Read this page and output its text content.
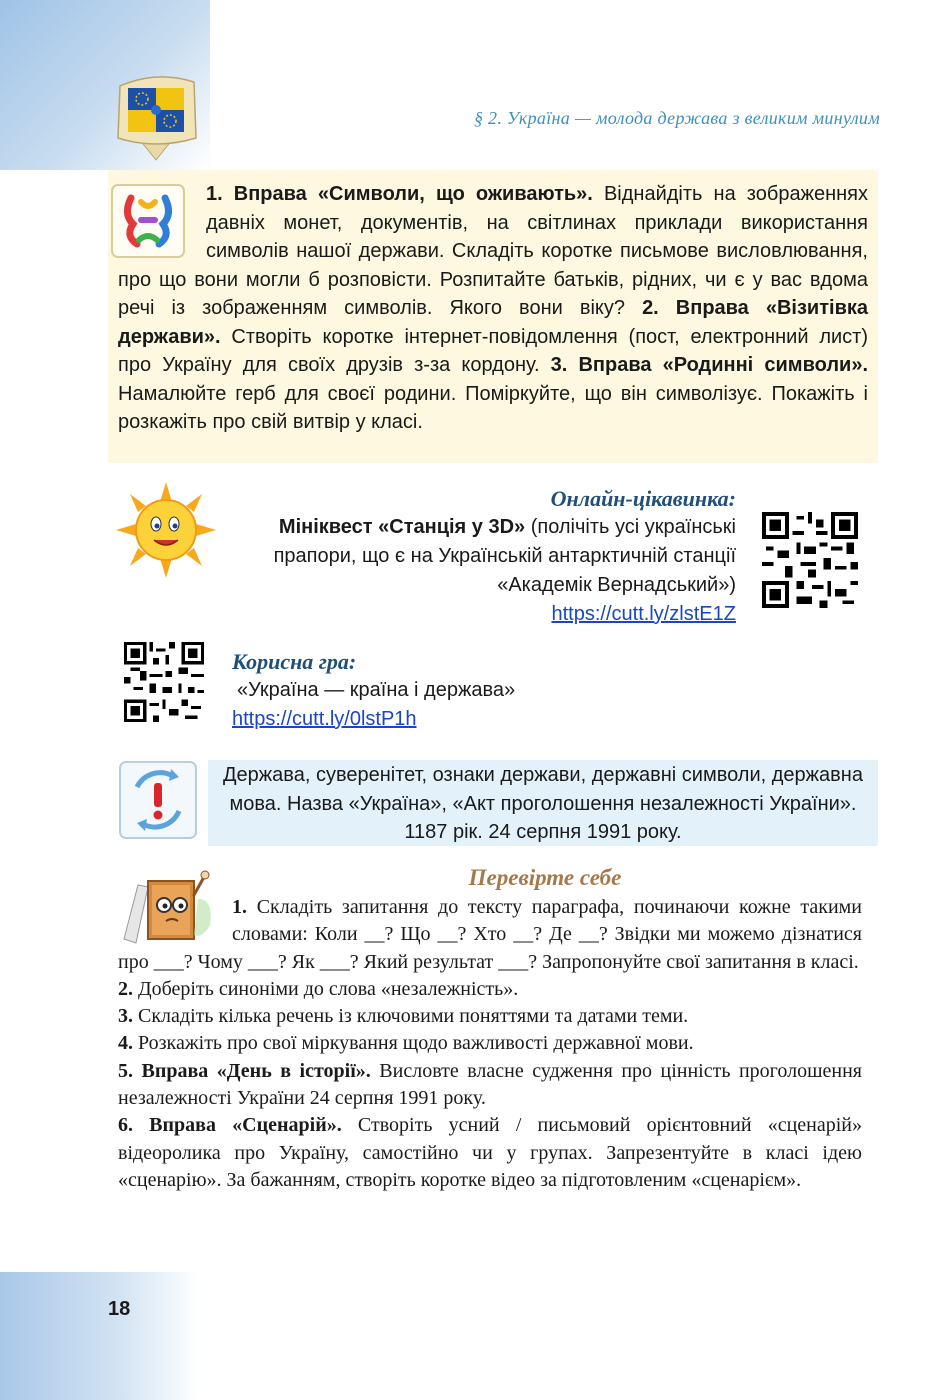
§ 2. Україна — молода держава з великим минулим
1. Вправа «Символи, що оживають». Віднайдіть на зображеннях давніх монет, документів, на світлинах приклади використання символів нашої держави. Складіть коротке письмове висловлювання, про що вони могли б розповісти. Розпитайте батьків, рідних, чи є у вас вдома речі із зображенням символів. Якого вони віку? 2. Вправа «Візитівка держави». Створіть коротке інтернет-повідомлення (пост, електронний лист) про Україну для своїх друзів з-за кордону. 3. Вправа «Родинні символи». Намалюйте герб для своєї родини. Поміркуйте, що він символізує. Покажіть і розкажіть про свій витвір у класі.
Онлайн-цікавинка:
Мініквест «Станція у 3D» (полічіть усі українські прапори, що є на Українській антарктичній станції «Академік Вернадський»)
https://cutt.ly/zlstE1Z
Корисна гра:
«Україна — країна і держава»
https://cutt.ly/0lstP1h
Держава, суверенітет, ознаки держави, державні символи, державна мова. Назва «Україна», «Акт проголошення незалежності України». 1187 рік. 24 серпня 1991 року.
Перевірте себе

1. Складіть запитання до тексту параграфа, починаючи кожне такими словами: Коли __? Що __? Хто __? Де __? Звідки ми можемо дізнатися про ___? Чому ___? Як ___? Який результат ___? Запропонуйте свої запитання в класі.

2. Доберіть синоніми до слова «незалежність».

3. Складіть кілька речень із ключовими поняттями та датами теми.

4. Розкажіть про свої міркування щодо важливості державної мови.

5. Вправа «День в історії». Висловте власне судження про цінність проголошення незалежності України 24 серпня 1991 року.

6. Вправа «Сценарій». Створіть усний / письмовий орієнтовний «сценарій» відеоролика про Україну, самостійно чи у групах. Запрезентуйте в класі ідею «сценарію». За бажанням, створіть коротке відео за підготовленим «сценарієм».

18
